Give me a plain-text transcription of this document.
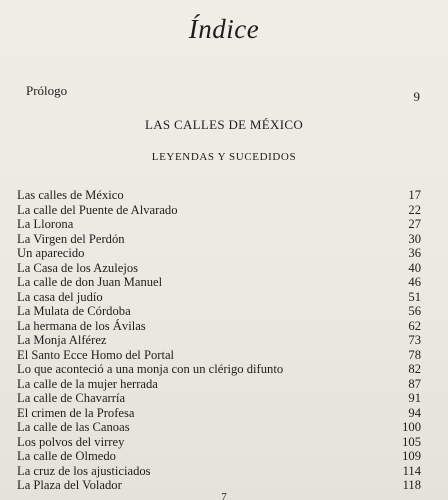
Índice
Prólogo	9
LAS CALLES DE MÉXICO
LEYENDAS Y SUCEDIDOS
Las calles de México	17
La calle del Puente de Alvarado	22
La Llorona	27
La Virgen del Perdón	30
Un aparecido	36
La Casa de los Azulejos	40
La calle de don Juan Manuel	46
La casa del judío	51
La Mulata de Córdoba	56
La hermana de los Ávilas	62
La Monja Alférez	73
El Santo Ecce Homo del Portal	78
Lo que aconteció a una monja con un clérigo difunto	82
La calle de la mujer herrada	87
La calle de Chavarría	91
El crimen de la Profesa	94
La calle de las Canoas	100
Los polvos del virrey	105
La calle de Olmedo	109
La cruz de los ajusticiados	114
La Plaza del Volador	118
7
